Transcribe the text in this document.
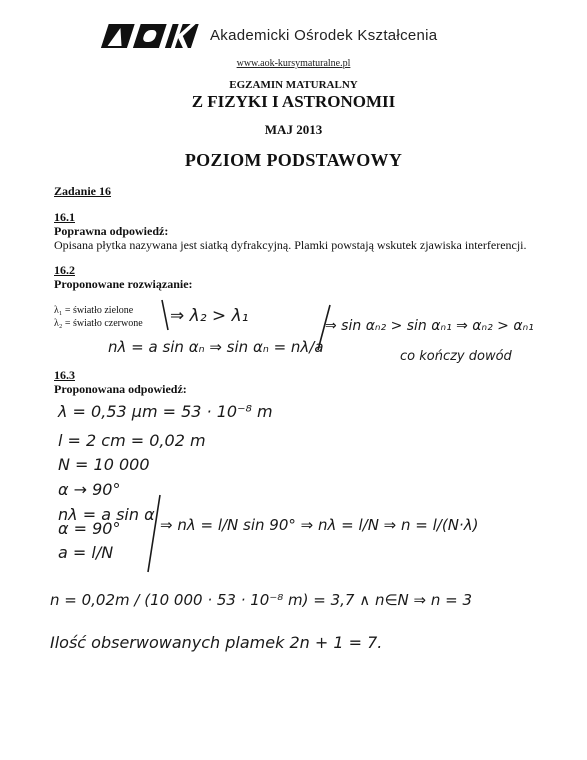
Akademicki Ośrodek Kształcenia
www.aok-kursymaturalne.pl
EGZAMIN MATURALNY
Z FIZYKI I ASTRONOMII
MAJ 2013
POZIOM PODSTAWOWY
Zadanie 16
16.1
Poprawna odpowiedź:
Opisana płytka nazywana jest siatką dyfrakcyjną. Plamki powstają wskutek zjawiska interferencji.
16.2
Proponowane rozwiązanie:
λ₁ = światło zielone
λ₂ = światło czerwone
16.3
Proponowana odpowiedź:
⇒ λ₂ > λ₁
nλ = a sin αₙ ⇒ sin αₙ = nλ/a
⇒ sin αₙ₂ > sin αₙ₁ ⇒ αₙ₂ > αₙ₁
co kończy dowód
λ = 0,53 μm = 53 · 10⁻⁸ m
l = 2 cm = 0,02 m
N = 10 000
α → 90°
nλ = a sin α
α = 90°
a = l/N
⇒ nλ = l/N sin 90° ⇒ nλ = l/N ⇒ n = l/(N·λ)
n = 0,02m / (10 000 · 53 · 10⁻⁸ m) = 3,7 ∧ n∈N ⇒ n = 3
Ilość obserwowanych plamek 2n + 1 = 7.
